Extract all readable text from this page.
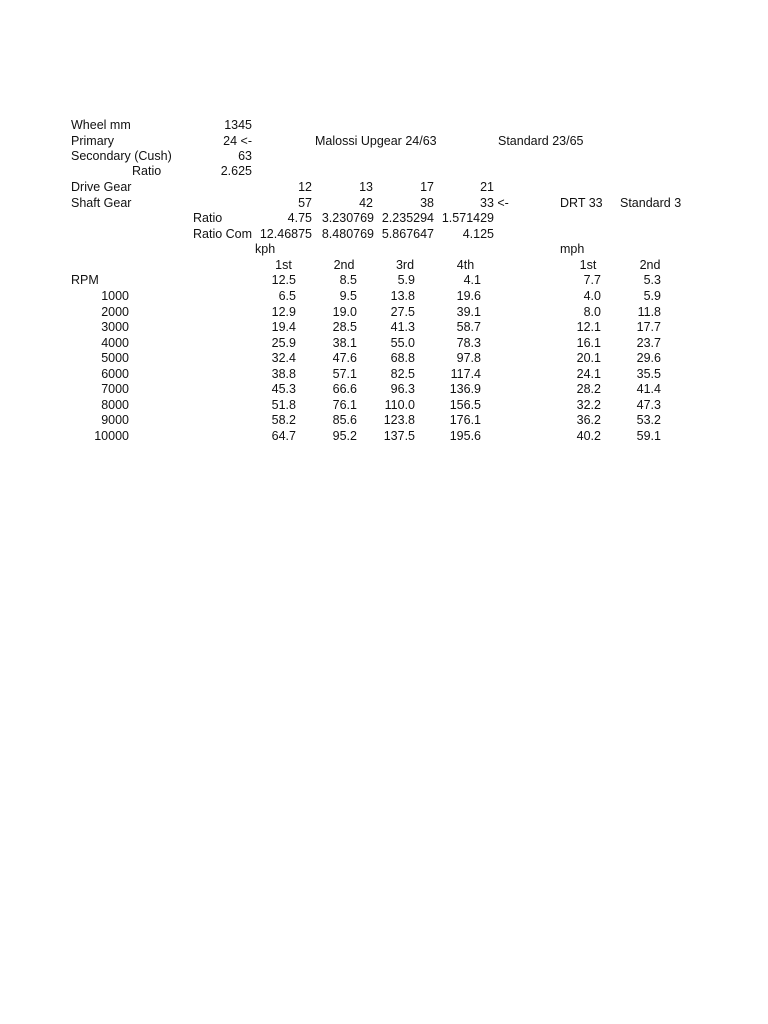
Wheel mm	1345
Primary	24 <-	Malossi Upgear 24/63	Standard 23/65
Secondary (Cush)	63
Ratio	2.625
Drive Gear	12	13	17	21
Shaft Gear	57	42	38	33 <-	DRT 33 Standard 3
Ratio	4.75 3.230769 2.235294 1.571429
Ratio Com 12.46875 8.480769 5.867647	4.125
kph	mph
1st	2nd	3rd	4th	1st	2nd
RPM	12.5	8.5	5.9	4.1	7.7	5.3
1000	6.5	9.5	13.8	19.6	4.0	5.9
2000	12.9	19.0	27.5	39.1	8.0	11.8
3000	19.4	28.5	41.3	58.7	12.1	17.7
4000	25.9	38.1	55.0	78.3	16.1	23.7
5000	32.4	47.6	68.8	97.8	20.1	29.6
6000	38.8	57.1	82.5	117.4	24.1	35.5
7000	45.3	66.6	96.3	136.9	28.2	41.4
8000	51.8	76.1	110.0	156.5	32.2	47.3
9000	58.2	85.6	123.8	176.1	36.2	53.2
10000	64.7	95.2	137.5	195.6	40.2	59.1
